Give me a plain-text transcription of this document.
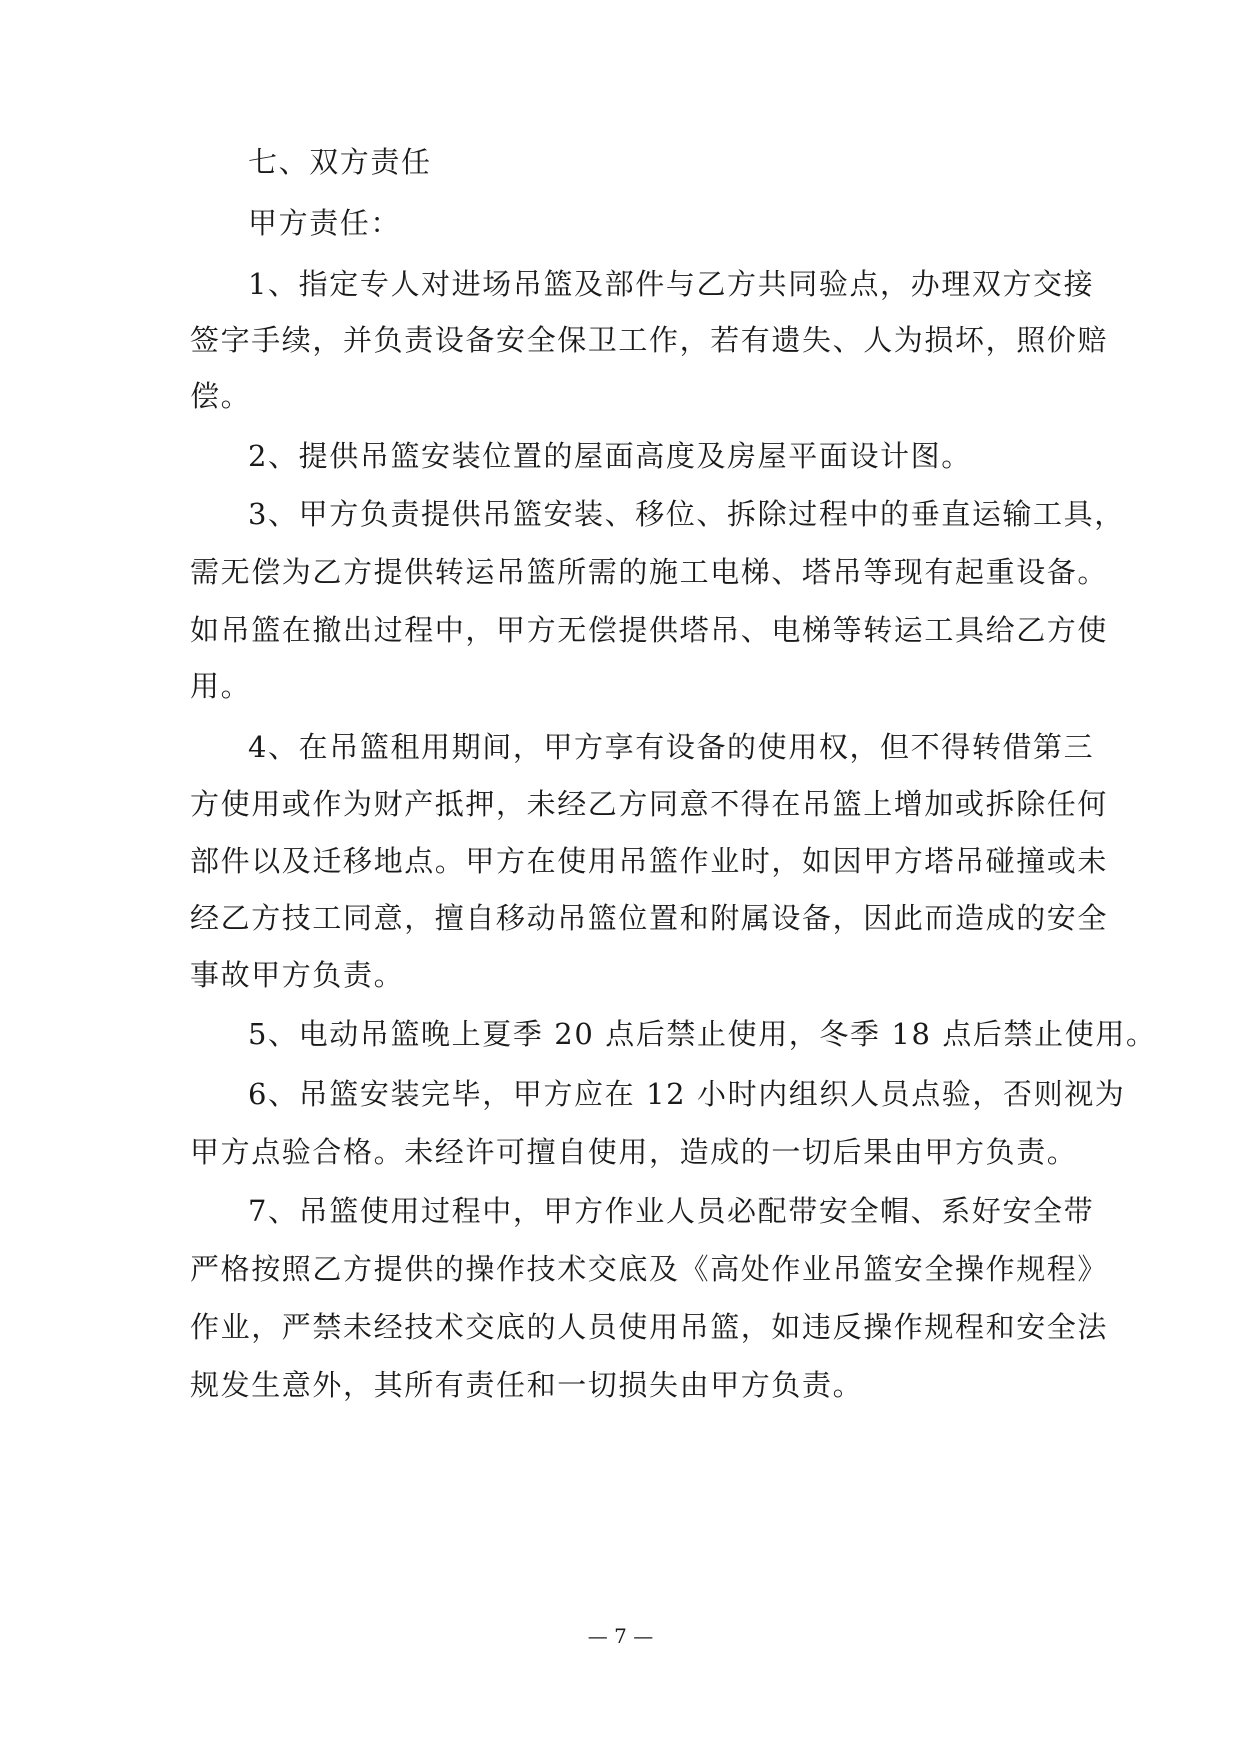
七、双方责任
甲方责任：
1、指定专人对进场吊篮及部件与乙方共同验点，办理双方交接
签字手续，并负责设备安全保卫工作，若有遗失、人为损坏，照价赔
偿。
2、提供吊篮安装位置的屋面高度及房屋平面设计图。
3、甲方负责提供吊篮安装、移位、拆除过程中的垂直运输工具，
需无偿为乙方提供转运吊篮所需的施工电梯、塔吊等现有起重设备。
如吊篮在撤出过程中，甲方无偿提供塔吊、电梯等转运工具给乙方使
用。
4、在吊篮租用期间，甲方享有设备的使用权，但不得转借第三
方使用或作为财产抵押，未经乙方同意不得在吊篮上增加或拆除任何
部件以及迁移地点。甲方在使用吊篮作业时，如因甲方塔吊碰撞或未
经乙方技工同意，擅自移动吊篮位置和附属设备，因此而造成的安全
事故甲方负责。
5、电动吊篮晚上夏季 20 点后禁止使用，冬季 18 点后禁止使用。
6、吊篮安装完毕，甲方应在 12 小时内组织人员点验，否则视为
甲方点验合格。未经许可擅自使用，造成的一切后果由甲方负责。
7、吊篮使用过程中，甲方作业人员必配带安全帽、系好安全带
严格按照乙方提供的操作技术交底及《高处作业吊篮安全操作规程》
作业，严禁未经技术交底的人员使用吊篮，如违反操作规程和安全法
规发生意外，其所有责任和一切损失由甲方负责。
— 7 —
